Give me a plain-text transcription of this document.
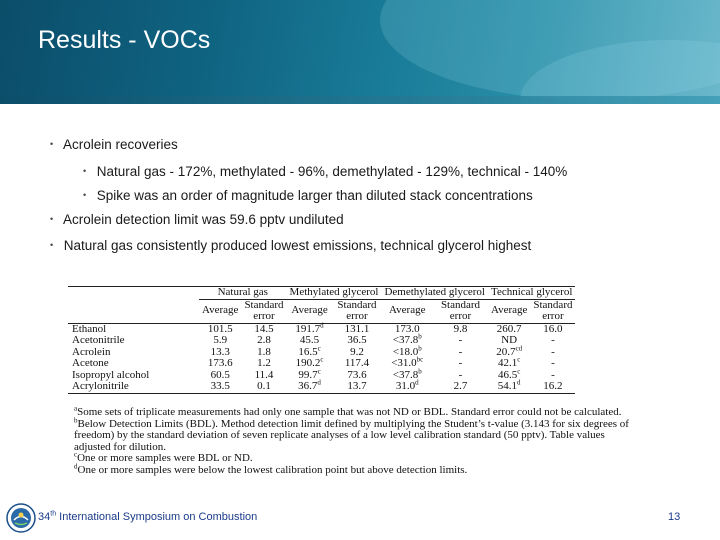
Results - VOCs
• Acrolein recoveries
• Natural gas - 172%, methylated - 96%, demethylated - 129%, technical - 140%
• Spike was an order of magnitude larger than diluted stack concentrations
• Acrolein detection limit was 59.6 pptv undiluted
• Natural gas consistently produced lowest emissions, technical glycerol highest
	Natural gas		Methylated glycerol		Demethylated glycerol		Technical glycerol	
	Average	Standard	Average	Standard	Average	Standard	Average	Standard
		error		error		error		error
Ethanol	101.5	14.5	191.7$^d$	131.1	173.0	9.8	260.7	16.0
Acetonitrile	5.9	2.8	45.5	36.5	<37.8$^b$	-	ND	-
Acrolein	13.3	1.8	16.5$^c$	9.2	<18.0$^b$	-	20.7$^{cd}$	-
Acetone	173.6	1.2	190.2$^c$	117.4	<31.0$^{bc}$	-	42.1$^c$	-
Isopropyl alcohol	60.5	11.4	99.7$^c$	73.6	<37.8$^b$	-	46.5$^c$	-
Acrylonitrile	33.5	0.1	36.7$^d$	13.7	31.0$^d$	2.7	54.1$^d$	16.2
$^a$Some sets of triplicate measurements had only one sample that was not ND or BDL. Standard error could not be calculated.
$^b$Below Detection Limits (BDL). Method detection limit defined by multiplying the Student’s t-value (3.143 for six degrees of freedom) by the standard deviation of seven replicate analyses of a low level calibration standard (50 pptv). Table values adjusted for dilution.
$^c$One or more samples were BDL or ND.
$^d$One or more samples were below the lowest calibration point but above detection limits.
34th International Symposium on Combustion	13
